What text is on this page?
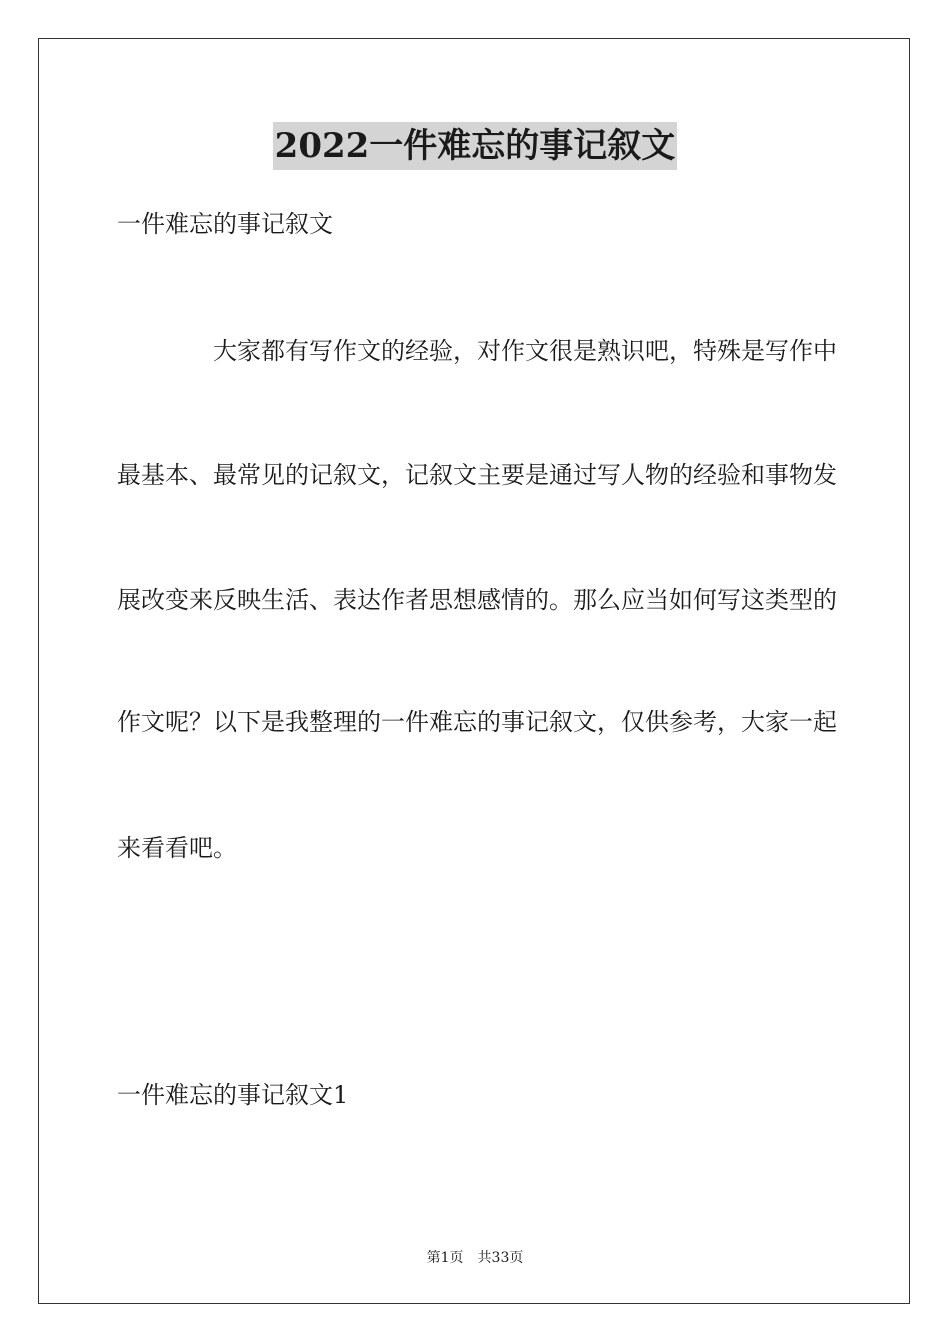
2022一件难忘的事记叙文
一件难忘的事记叙文
大家都有写作文的经验，对作文很是熟识吧，特殊是写作中
最基本、最常见的记叙文，记叙文主要是通过写人物的经验和事物发
展改变来反映生活、表达作者思想感情的。那么应当如何写这类型的
作文呢？以下是我整理的一件难忘的事记叙文，仅供参考，大家一起
来看看吧。
一件难忘的事记叙文1
第1页　共33页
